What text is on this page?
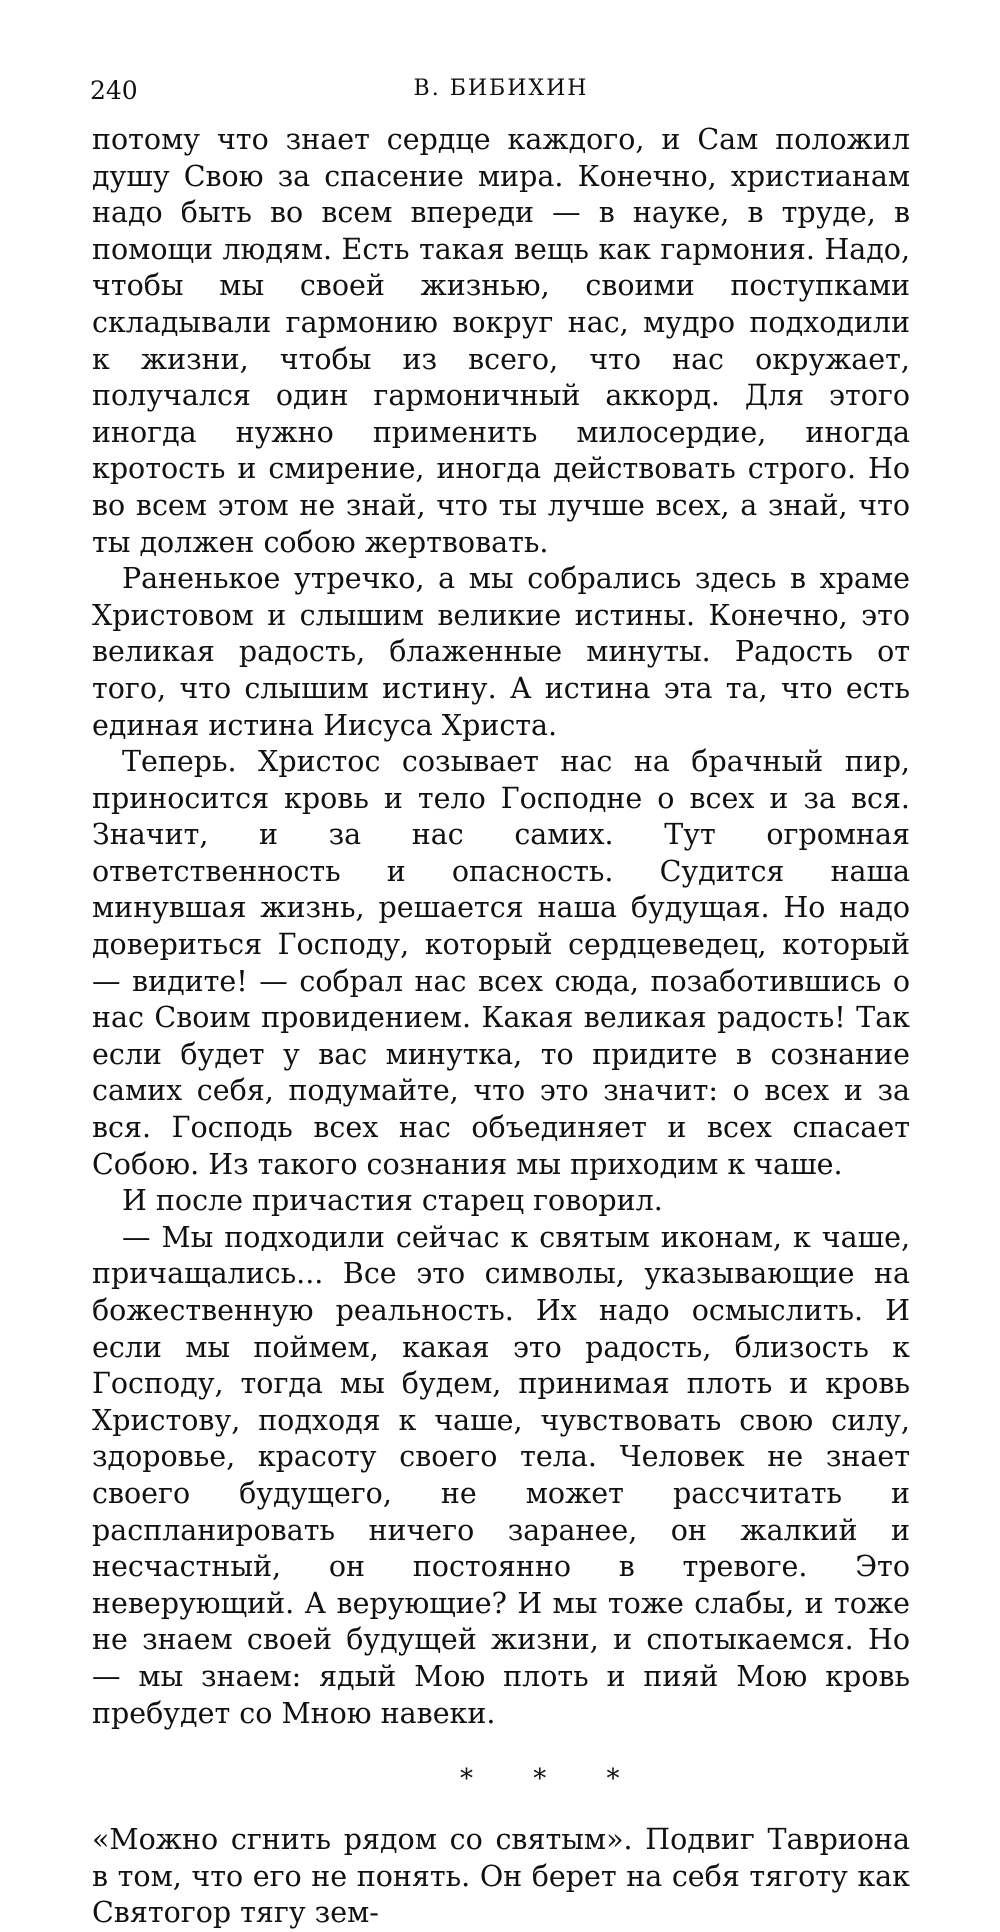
240	В. БИБИХИН

потому что знает сердце каждого, и Сам положил душу Свою за спасение мира. Конечно, христианам надо быть во всем впереди — в науке, в труде, в помощи людям. Есть такая вещь как гармония. Надо, чтобы мы своей жизнью, своими поступками складывали гармонию вокруг нас, мудро подходили к жизни, чтобы из всего, что нас окружает, получался один гармоничный аккорд. Для этого иногда нужно применить милосердие, иногда кротость и смирение, иногда действовать строго. Но во всем этом не знай, что ты лучше всех, а знай, что ты должен собою жертвовать.

Раненькое утречко, а мы собрались здесь в храме Христовом и слышим великие истины. Конечно, это великая радость, блаженные минуты. Радость от того, что слышим истину. А истина эта та, что есть единая истина Иисуса Христа.

Теперь. Христос созывает нас на брачный пир, приносится кровь и тело Господне о всех и за вся. Значит, и за нас самих. Тут огромная ответственность и опасность. Судится наша минувшая жизнь, решается наша будущая. Но надо довериться Господу, который сердцеведец, который — видите! — собрал нас всех сюда, позаботившись о нас Своим провидением. Какая великая радость! Так если будет у вас минутка, то придите в сознание самих себя, подумайте, что это значит: о всех и за вся. Господь всех нас объединяет и всех спасает Собою. Из такого сознания мы приходим к чаше.

И после причастия старец говорил.

— Мы подходили сейчас к святым иконам, к чаше, причащались... Все это символы, указывающие на божественную реальность. Их надо осмыслить. И если мы поймем, какая это радость, близость к Господу, тогда мы будем, принимая плоть и кровь Христову, подходя к чаше, чувствовать свою силу, здоровье, красоту своего тела. Человек не знает своего будущего, не может рассчитать и распланировать ничего заранее, он жалкий и несчастный, он постоянно в тревоге. Это неверующий. А верующие? И мы тоже слабы, и тоже не знаем своей будущей жизни, и спотыкаемся. Но — мы знаем: ядый Мою плоть и пияй Мою кровь пребудет со Мною навеки.

* * *

«Можно сгнить рядом со святым». Подвиг Тавриона в том, что его не понять. Он берет на себя тяготу как Святогор тягу зем-
